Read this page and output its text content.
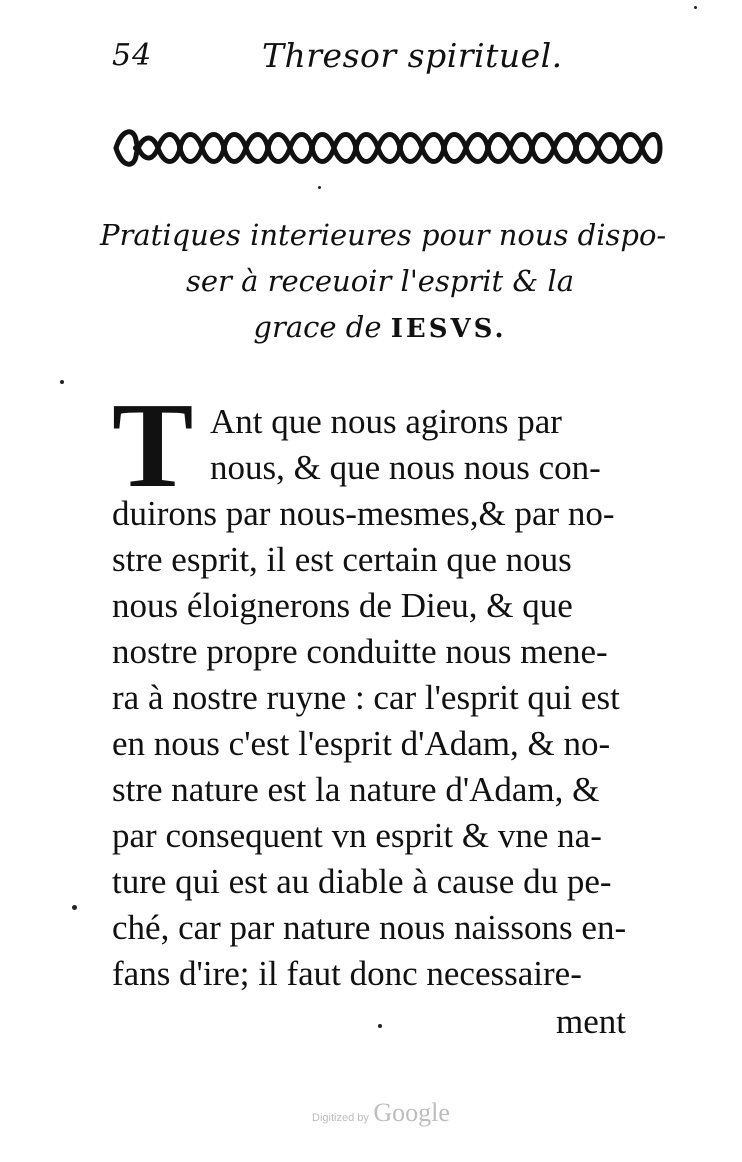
54	Thresor spirituel.
Pratiques interieures pour nous dispo-
ser à receuoir l'esprit & la
grace de IESVS.
T Ant que nous agirons par
nous, & que nous nous con-
duirons par nous-mesmes,& par no-
stre esprit, il est certain que nous
nous éloignerons de Dieu, & que
nostre propre conduitte nous mene-
ra à nostre ruyne : car l'esprit qui est
en nous c'est l'esprit d'Adam, & no-
stre nature est la nature d'Adam, &
par consequent vn esprit & vne na-
ture qui est au diable à cause du pe-
ché, car par nature nous naissons en-
fans d'ire; il faut donc necessaire-
ment
Digitized by Google
